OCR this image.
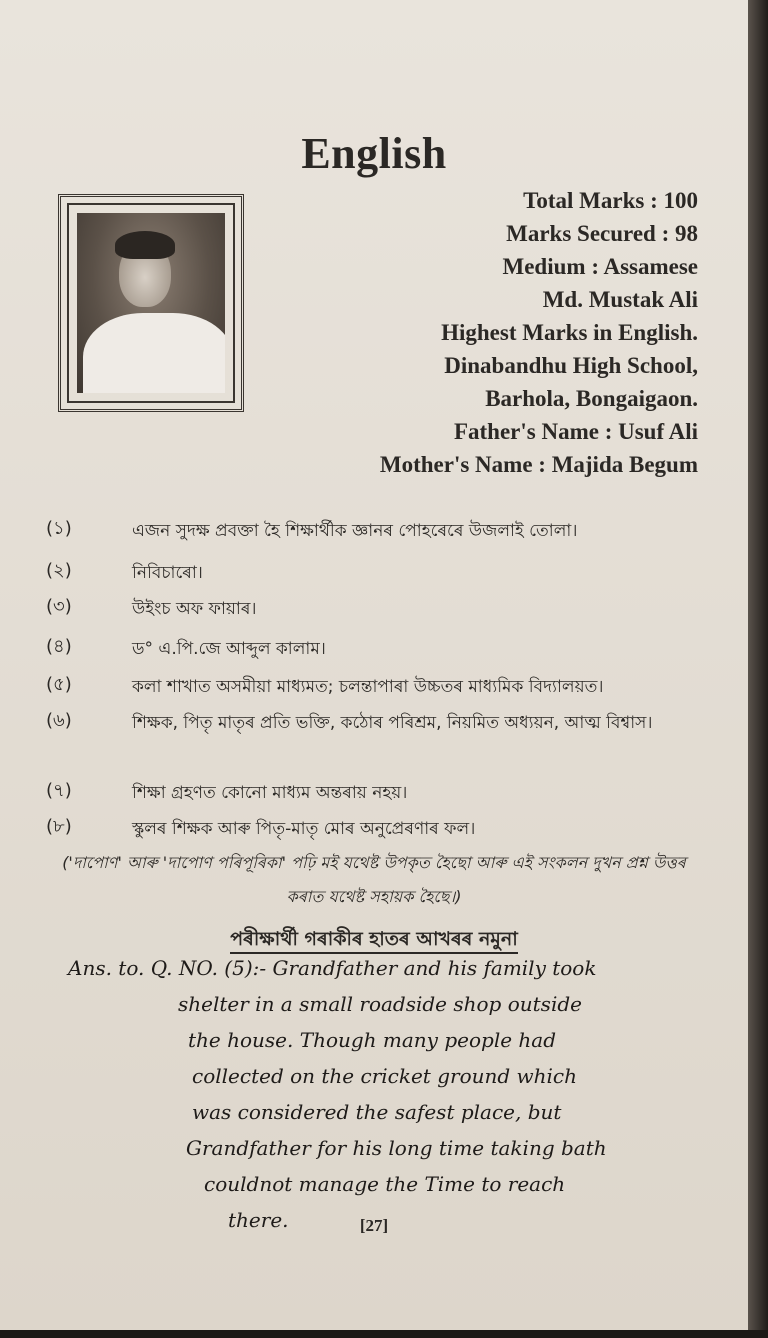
English
Total Marks : 100
Marks Secured : 98
Medium : Assamese
Md. Mustak Ali
Highest Marks in English.
Dinabandhu High School,
Barhola, Bongaigaon.
Father's Name : Usuf Ali
Mother's Name : Majida Begum
(১)	এজন সুদক্ষ প্ৰবক্তা হৈ শিক্ষাৰ্থীক জ্ঞানৰ পোহৰেৰে উজলাই তোলা।
(২)	নিবিচাৰো।
(৩)	উইংচ অফ ফায়াৰ।
(৪)	ড° এ.পি.জে আব্দুল কালাম।
(৫)	কলা শাখাত অসমীয়া মাধ্যমত; চলন্তাপাৰা উচ্চতৰ মাধ্যমিক বিদ্যালয়ত।
(৬)	শিক্ষক, পিতৃ মাতৃৰ প্ৰতি ভক্তি, কঠোৰ পৰিশ্ৰম, নিয়মিত অধ্যয়ন, আত্ম বিশ্বাস।
(৭)	শিক্ষা গ্ৰহণত কোনো মাধ্যম অন্তৰায় নহয়।
(৮)	স্কুলৰ শিক্ষক আৰু পিতৃ-মাতৃ মোৰ অনুপ্ৰেৰণাৰ ফল।
('দাপোণ' আৰু 'দাপোণ পৰিপূৰিকা' পঢ়ি মই যথেষ্ট উপকৃত হৈছো আৰু এই সংকলন দুখন প্ৰশ্ন উত্তৰ কৰাত যথেষ্ট সহায়ক হৈছে।)
পৰীক্ষাৰ্থী গৰাকীৰ হাতৰ আখৰৰ নমুনা
Ans. to. Q. NO. (5):- Grandfather and his family took
shelter in a small roadside shop outside
the house. Though many people had
collected on the cricket ground which
was considered the safest place, but
Grandfather for his long time taking bath
couldnot manage the Time to reach
there.	[27]
